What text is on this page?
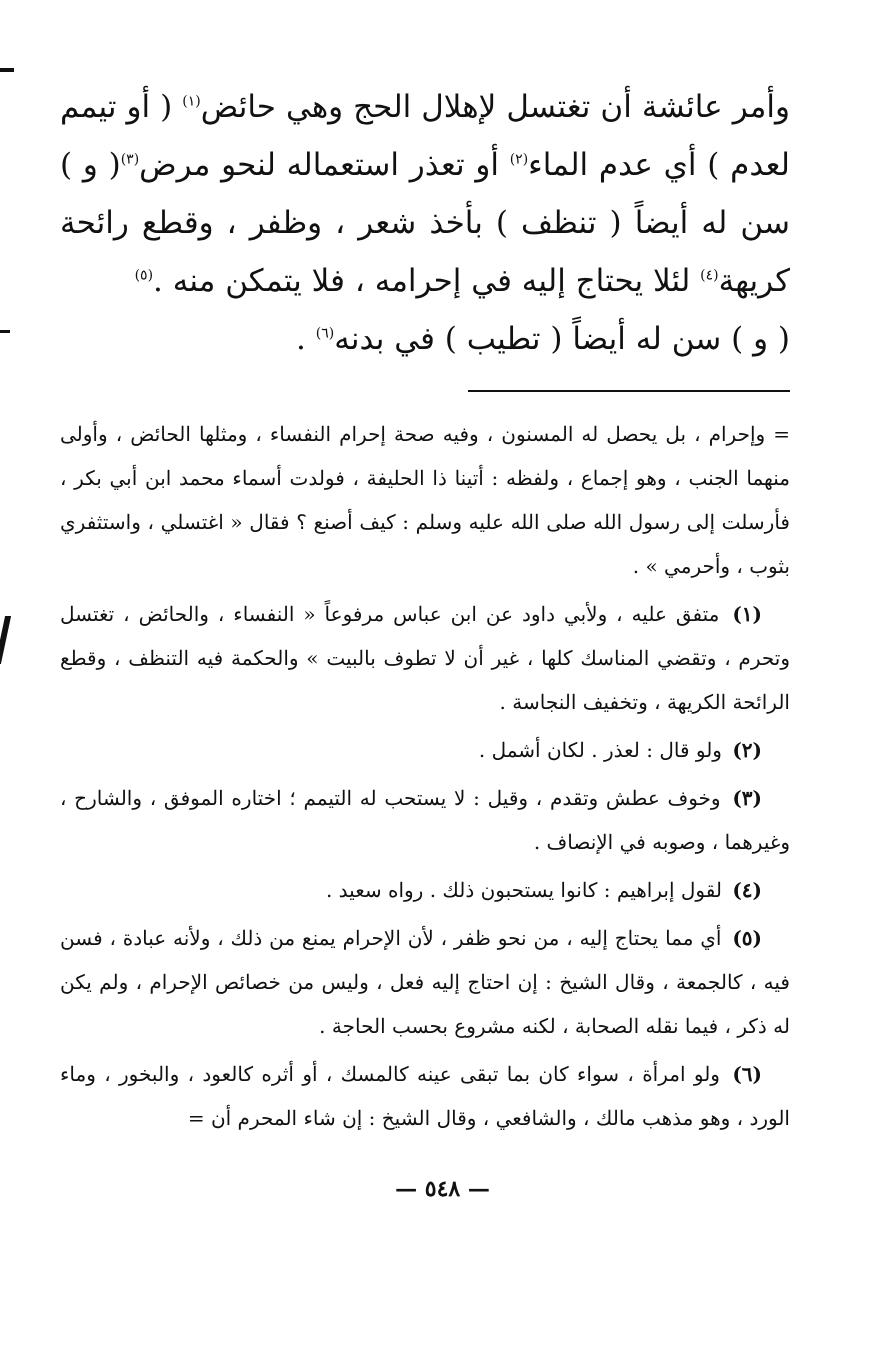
وأمر عائشة أن تغتسل لإهلال الحج وهي حائض$^{(١)}$ ( أو تيمم لعدم ) أي عدم الماء$^{(٢)}$ أو تعذر استعماله لنحو مرض$^{(٣)}$( و ) سن له أيضاً ( تنظف ) بأخذ شعر ، وظفر ، وقطع رائحة كريهة$^{(٤)}$ لئلا يحتاج إليه في إحرامه ، فلا يتمكن منه .$^{(٥)}$
( و ) سن له أيضاً ( تطيب ) في بدنه$^{(٦)}$ .

= وإحرام ، بل يحصل له المسنون ، وفيه صحة إحرام النفساء ، ومثلها الحائض ، وأولى منهما الجنب ، وهو إجماع ، ولفظه : أتينا ذا الحليفة ، فولدت أسماء محمد ابن أبي بكر ، فأرسلت إلى رسول الله صلى الله عليه وسلم : كيف أصنع ؟ فقال « اغتسلي ، واستثفري بثوب ، وأحرمي » .

(١) متفق عليه ، ولأبي داود عن ابن عباس مرفوعاً « النفساء ، والحائض ، تغتسل وتحرم ، وتقضي المناسك كلها ، غير أن لا تطوف بالبيت » والحكمة فيه التنظف ، وقطع الرائحة الكريهة ، وتخفيف النجاسة .

(٢) ولو قال : لعذر . لكان أشمل .

(٣) وخوف عطش وتقدم ، وقيل : لا يستحب له التيمم ؛ اختاره الموفق ، والشارح ، وغيرهما ، وصوبه في الإنصاف .

(٤) لقول إبراهيم : كانوا يستحبون ذلك . رواه سعيد .

(٥) أي مما يحتاج إليه ، من نحو ظفر ، لأن الإحرام يمنع من ذلك ، ولأنه عبادة ، فسن فيه ، كالجمعة ، وقال الشيخ : إن احتاج إليه فعل ، وليس من خصائص الإحرام ، ولم يكن له ذكر ، فيما نقله الصحابة ، لكنه مشروع بحسب الحاجة .

(٦) ولو امرأة ، سواء كان بما تبقى عينه كالمسك ، أو أثره كالعود ، والبخور ، وماء الورد ، وهو مذهب مالك ، والشافعي ، وقال الشيخ : إن شاء المحرم أن =

— ٥٤٨ —
